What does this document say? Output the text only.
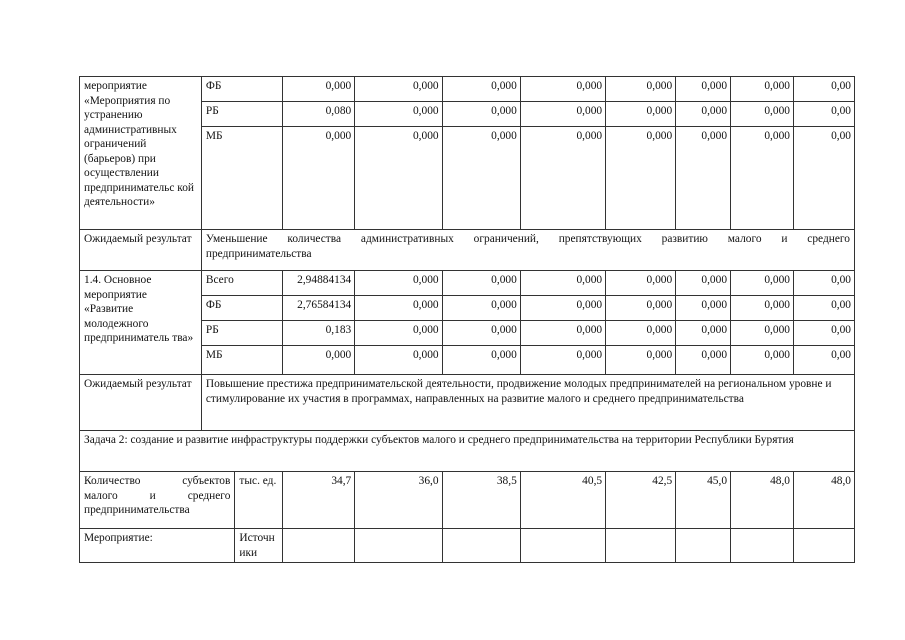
мероприятие «Мероприятия по устранению административных ограничений (барьеров) при осуществлении предпринимательс кой деятельности»	ФБ		0,000	0,000	0,000	0,000	0,000	0,000	0,000	0,00
	РБ		0,080	0,000	0,000	0,000	0,000	0,000	0,000	0,00
	МБ		0,000	0,000	0,000	0,000	0,000	0,000	0,000	0,00
Ожидаемый результат	Уменьшение количества административных ограничений, препятствующих развитию малого и среднего
предпринимательства									

1.4. Основное мероприятие «Развитие молодежного предприниматель тва»	Всего		2,94884134	0,000	0,000	0,000	0,000	0,000	0,000	0,00
	ФБ		2,76584134	0,000	0,000	0,000	0,000	0,000	0,000	0,00
	РБ		0,183	0,000	0,000	0,000	0,000	0,000	0,000	0,00
	МБ		0,000	0,000	0,000	0,000	0,000	0,000	0,000	0,00
Ожидаемый результат	Повышение престижа предпринимательской деятельности, продвижение молодых предпринимателей на региональном уровне и стимулирование их участия в программах, направленных на развитие малого и среднего предпринимательства									
Задача 2: создание и развитие инфраструктуры поддержки субъектов малого и среднего предпринимательства на территории Республики Бурятия										

Количество субъектов
малого и среднего
предпринимательства		тыс. ед.	34,7	36,0	38,5	40,5	42,5	45,0	48,0	48,0
Мероприятие:		Источн ики								
